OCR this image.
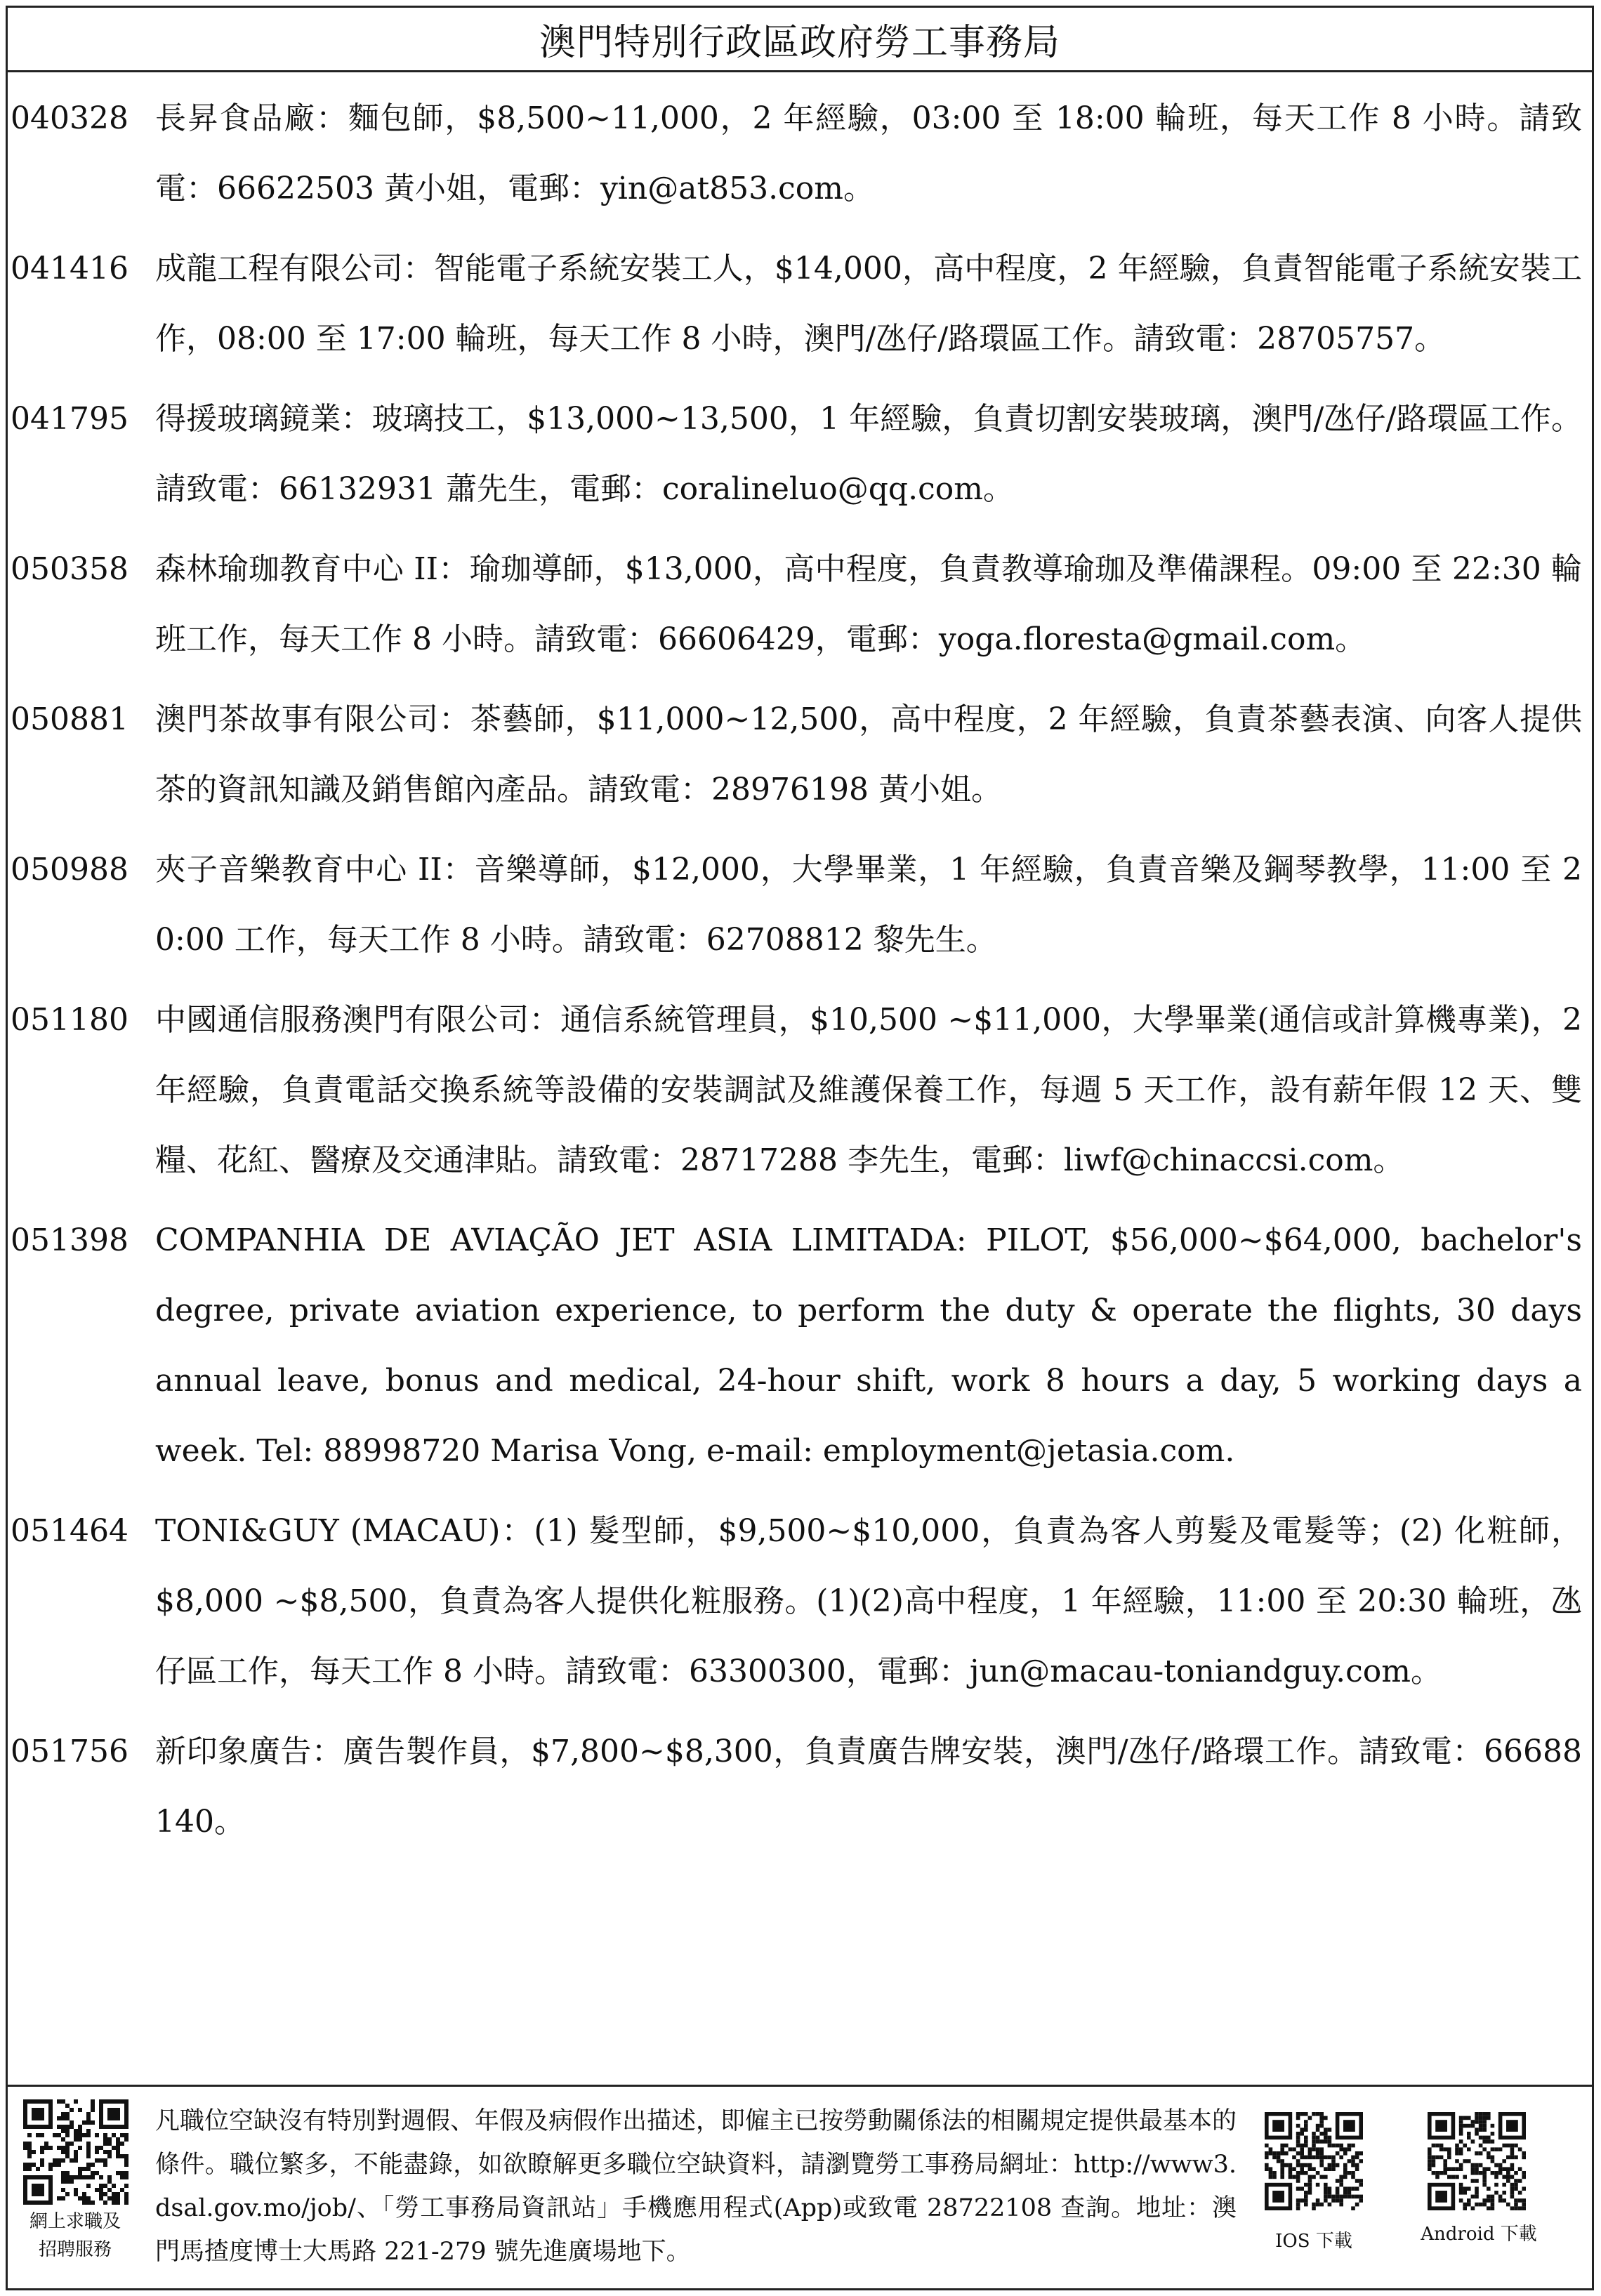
澳門特別行政區政府勞工事務局
040328 長昇食品廠：麵包師，$8,500~11,000，2 年經驗，03:00 至 18:00 輪班，每天工作 8 小時。請致電：66622503 黃小姐，電郵：yin@at853.com。
041416 成龍工程有限公司：智能電子系統安裝工人，$14,000，高中程度，2 年經驗，負責智能電子系統安裝工作，08:00 至 17:00 輪班，每天工作 8 小時，澳門/氹仔/路環區工作。請致電：28705757。
041795 得援玻璃鏡業：玻璃技工，$13,000~13,500，1 年經驗，負責切割安裝玻璃，澳門/氹仔/路環區工作。請致電：66132931 蕭先生，電郵：coralineluo@qq.com。
050358 森林瑜珈教育中心 II：瑜珈導師，$13,000，高中程度，負責教導瑜珈及準備課程。09:00 至 22:30 輪班工作，每天工作 8 小時。請致電：66606429，電郵：yoga.floresta@gmail.com。
050881 澳門茶故事有限公司：茶藝師，$11,000~12,500，高中程度，2 年經驗，負責茶藝表演、向客人提供茶的資訊知識及銷售館內產品。請致電：28976198 黃小姐。
050988 夾子音樂教育中心 II：音樂導師，$12,000，大學畢業，1 年經驗，負責音樂及鋼琴教學，11:00 至 20:00 工作，每天工作 8 小時。請致電：62708812 黎先生。
051180 中國通信服務澳門有限公司：通信系統管理員，$10,500 ~$11,000，大學畢業(通信或計算機專業)，2 年經驗，負責電話交換系統等設備的安裝調試及維護保養工作，每週 5 天工作，設有薪年假 12 天、雙糧、花紅、醫療及交通津貼。請致電：28717288 李先生，電郵：liwf@chinaccsi.com。
051398 COMPANHIA DE AVIAÇÃO JET ASIA LIMITADA: PILOT, $56,000~$64,000, bachelor's degree, private aviation experience, to perform the duty & operate the flights, 30 days annual leave, bonus and medical, 24-hour shift, work 8 hours a day, 5 working days a week. Tel: 88998720 Marisa Vong, e-mail: employment@jetasia.com.
051464 TONI&GUY (MACAU)：(1) 髮型師，$9,500~$10,000，負責為客人剪髮及電髮等；(2) 化粧師，$8,000 ~$8,500，負責為客人提供化粧服務。(1)(2)高中程度，1 年經驗，11:00 至 20:30 輪班，氹仔區工作，每天工作 8 小時。請致電：63300300，電郵：jun@macau-toniandguy.com。
051756 新印象廣告：廣告製作員，$7,800~$8,300，負責廣告牌安裝，澳門/氹仔/路環工作。請致電：66688140。
網上求職及
招聘服務
凡職位空缺沒有特別對週假、年假及病假作出描述，即僱主已按勞動關係法的相關規定提供最基本的條件。職位繁多，不能盡錄，如欲瞭解更多職位空缺資料，請瀏覽勞工事務局網址：http://www3.dsal.gov.mo/job/、「勞工事務局資訊站」手機應用程式(App)或致電 28722108 查詢。地址：澳門馬揸度博士大馬路 221-279 號先進廣場地下。	IOS 下載	Android 下載
